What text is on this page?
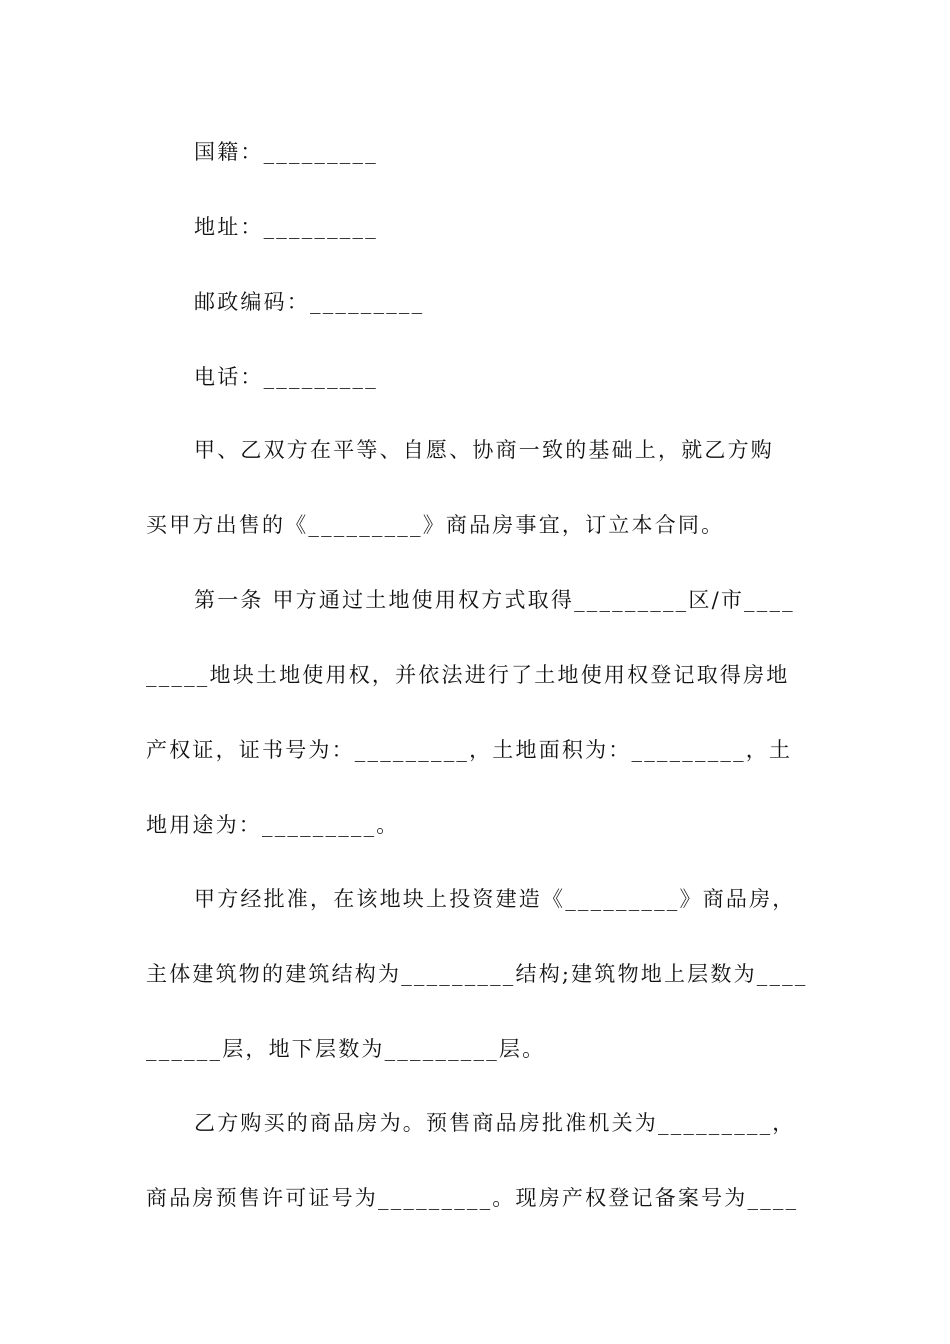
国籍：_________
地址：_________
邮政编码：_________
电话：_________
甲、乙双方在平等、自愿、协商一致的基础上，就乙方购
买甲方出售的《_________》商品房事宜，订立本合同。
第一条 甲方通过土地使用权方式取得_________区/市____
_____地块土地使用权，并依法进行了土地使用权登记取得房地
产权证，证书号为：_________，土地面积为：_________，土
地用途为：_________。
甲方经批准，在该地块上投资建造《_________》商品房，
主体建筑物的建筑结构为_________结构;建筑物地上层数为____
______层，地下层数为_________层。
乙方购买的商品房为。预售商品房批准机关为_________，
商品房预售许可证号为_________。现房产权登记备案号为____
